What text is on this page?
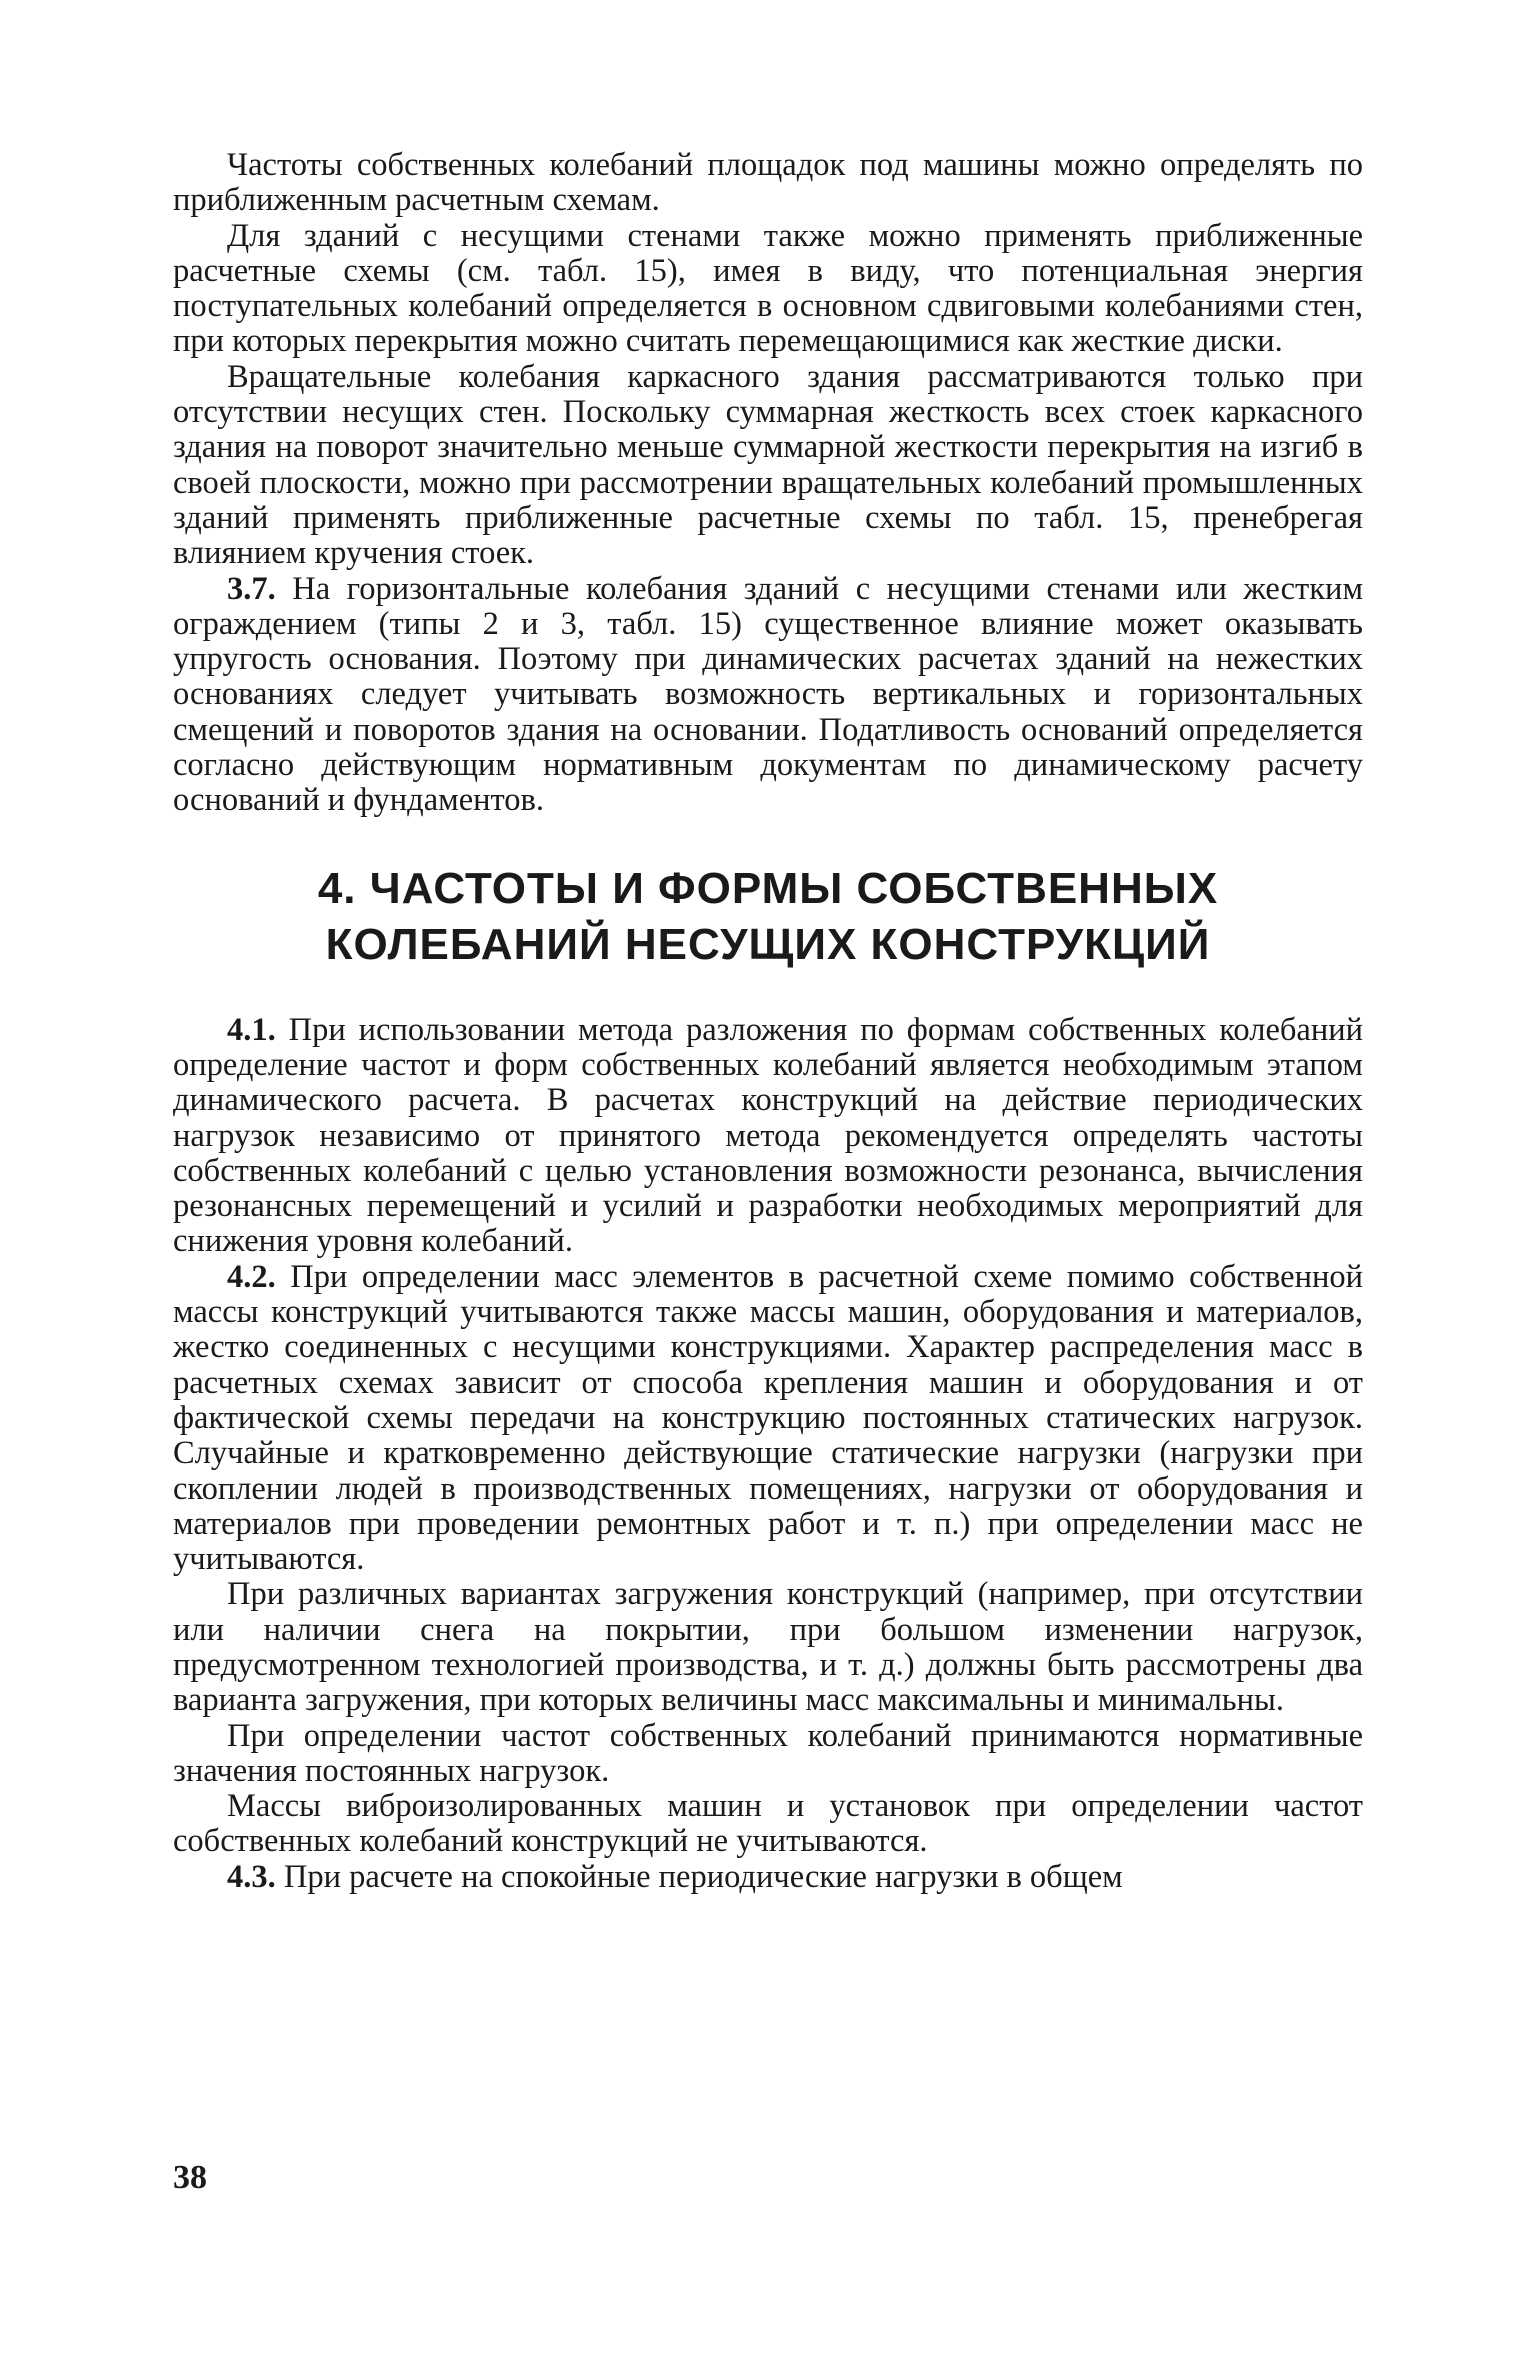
Частоты собственных колебаний площадок под машины можно определять по приближенным расчетным схемам.

Для зданий с несущими стенами также можно применять приближенные расчетные схемы (см. табл. 15), имея в виду, что потенциальная энергия поступательных колебаний определяется в основном сдвиговыми колебаниями стен, при которых перекрытия можно считать перемещающимися как жесткие диски.

Вращательные колебания каркасного здания рассматриваются только при отсутствии несущих стен. Поскольку суммарная жесткость всех стоек каркасного здания на поворот значительно меньше суммарной жесткости перекрытия на изгиб в своей плоскости, можно при рассмотрении вращательных колебаний промышленных зданий применять приближенные расчетные схемы по табл. 15, пренебрегая влиянием кручения стоек.

3.7. На горизонтальные колебания зданий с несущими стенами или жестким ограждением (типы 2 и 3, табл. 15) существенное влияние может оказывать упругость основания. Поэтому при динамических расчетах зданий на нежестких основаниях следует учитывать возможность вертикальных и горизонтальных смещений и поворотов здания на основании. Податливость оснований определяется согласно действующим нормативным документам по динамическому расчету оснований и фундаментов.

4. ЧАСТОТЫ И ФОРМЫ СОБСТВЕННЫХ
КОЛЕБАНИЙ НЕСУЩИХ КОНСТРУКЦИЙ

4.1. При использовании метода разложения по формам собственных колебаний определение частот и форм собственных колебаний является необходимым этапом динамического расчета. В расчетах конструкций на действие периодических нагрузок независимо от принятого метода рекомендуется определять частоты собственных колебаний с целью установления возможности резонанса, вычисления резонансных перемещений и усилий и разработки необходимых мероприятий для снижения уровня колебаний.

4.2. При определении масс элементов в расчетной схеме помимо собственной массы конструкций учитываются также массы машин, оборудования и материалов, жестко соединенных с несущими конструкциями. Характер распределения масс в расчетных схемах зависит от способа крепления машин и оборудования и от фактической схемы передачи на конструкцию постоянных статических нагрузок. Случайные и кратковременно действующие статические нагрузки (нагрузки при скоплении людей в производственных помещениях, нагрузки от оборудования и материалов при проведении ремонтных работ и т. п.) при определении масс не учитываются.

При различных вариантах загружения конструкций (например, при отсутствии или наличии снега на покрытии, при большом изменении нагрузок, предусмотренном технологией производства, и т. д.) должны быть рассмотрены два варианта загружения, при которых величины масс максимальны и минимальны.

При определении частот собственных колебаний принимаются нормативные значения постоянных нагрузок.

Массы виброизолированных машин и установок при определении частот собственных колебаний конструкций не учитываются.

4.3. При расчете на спокойные периодические нагрузки в общем

38
